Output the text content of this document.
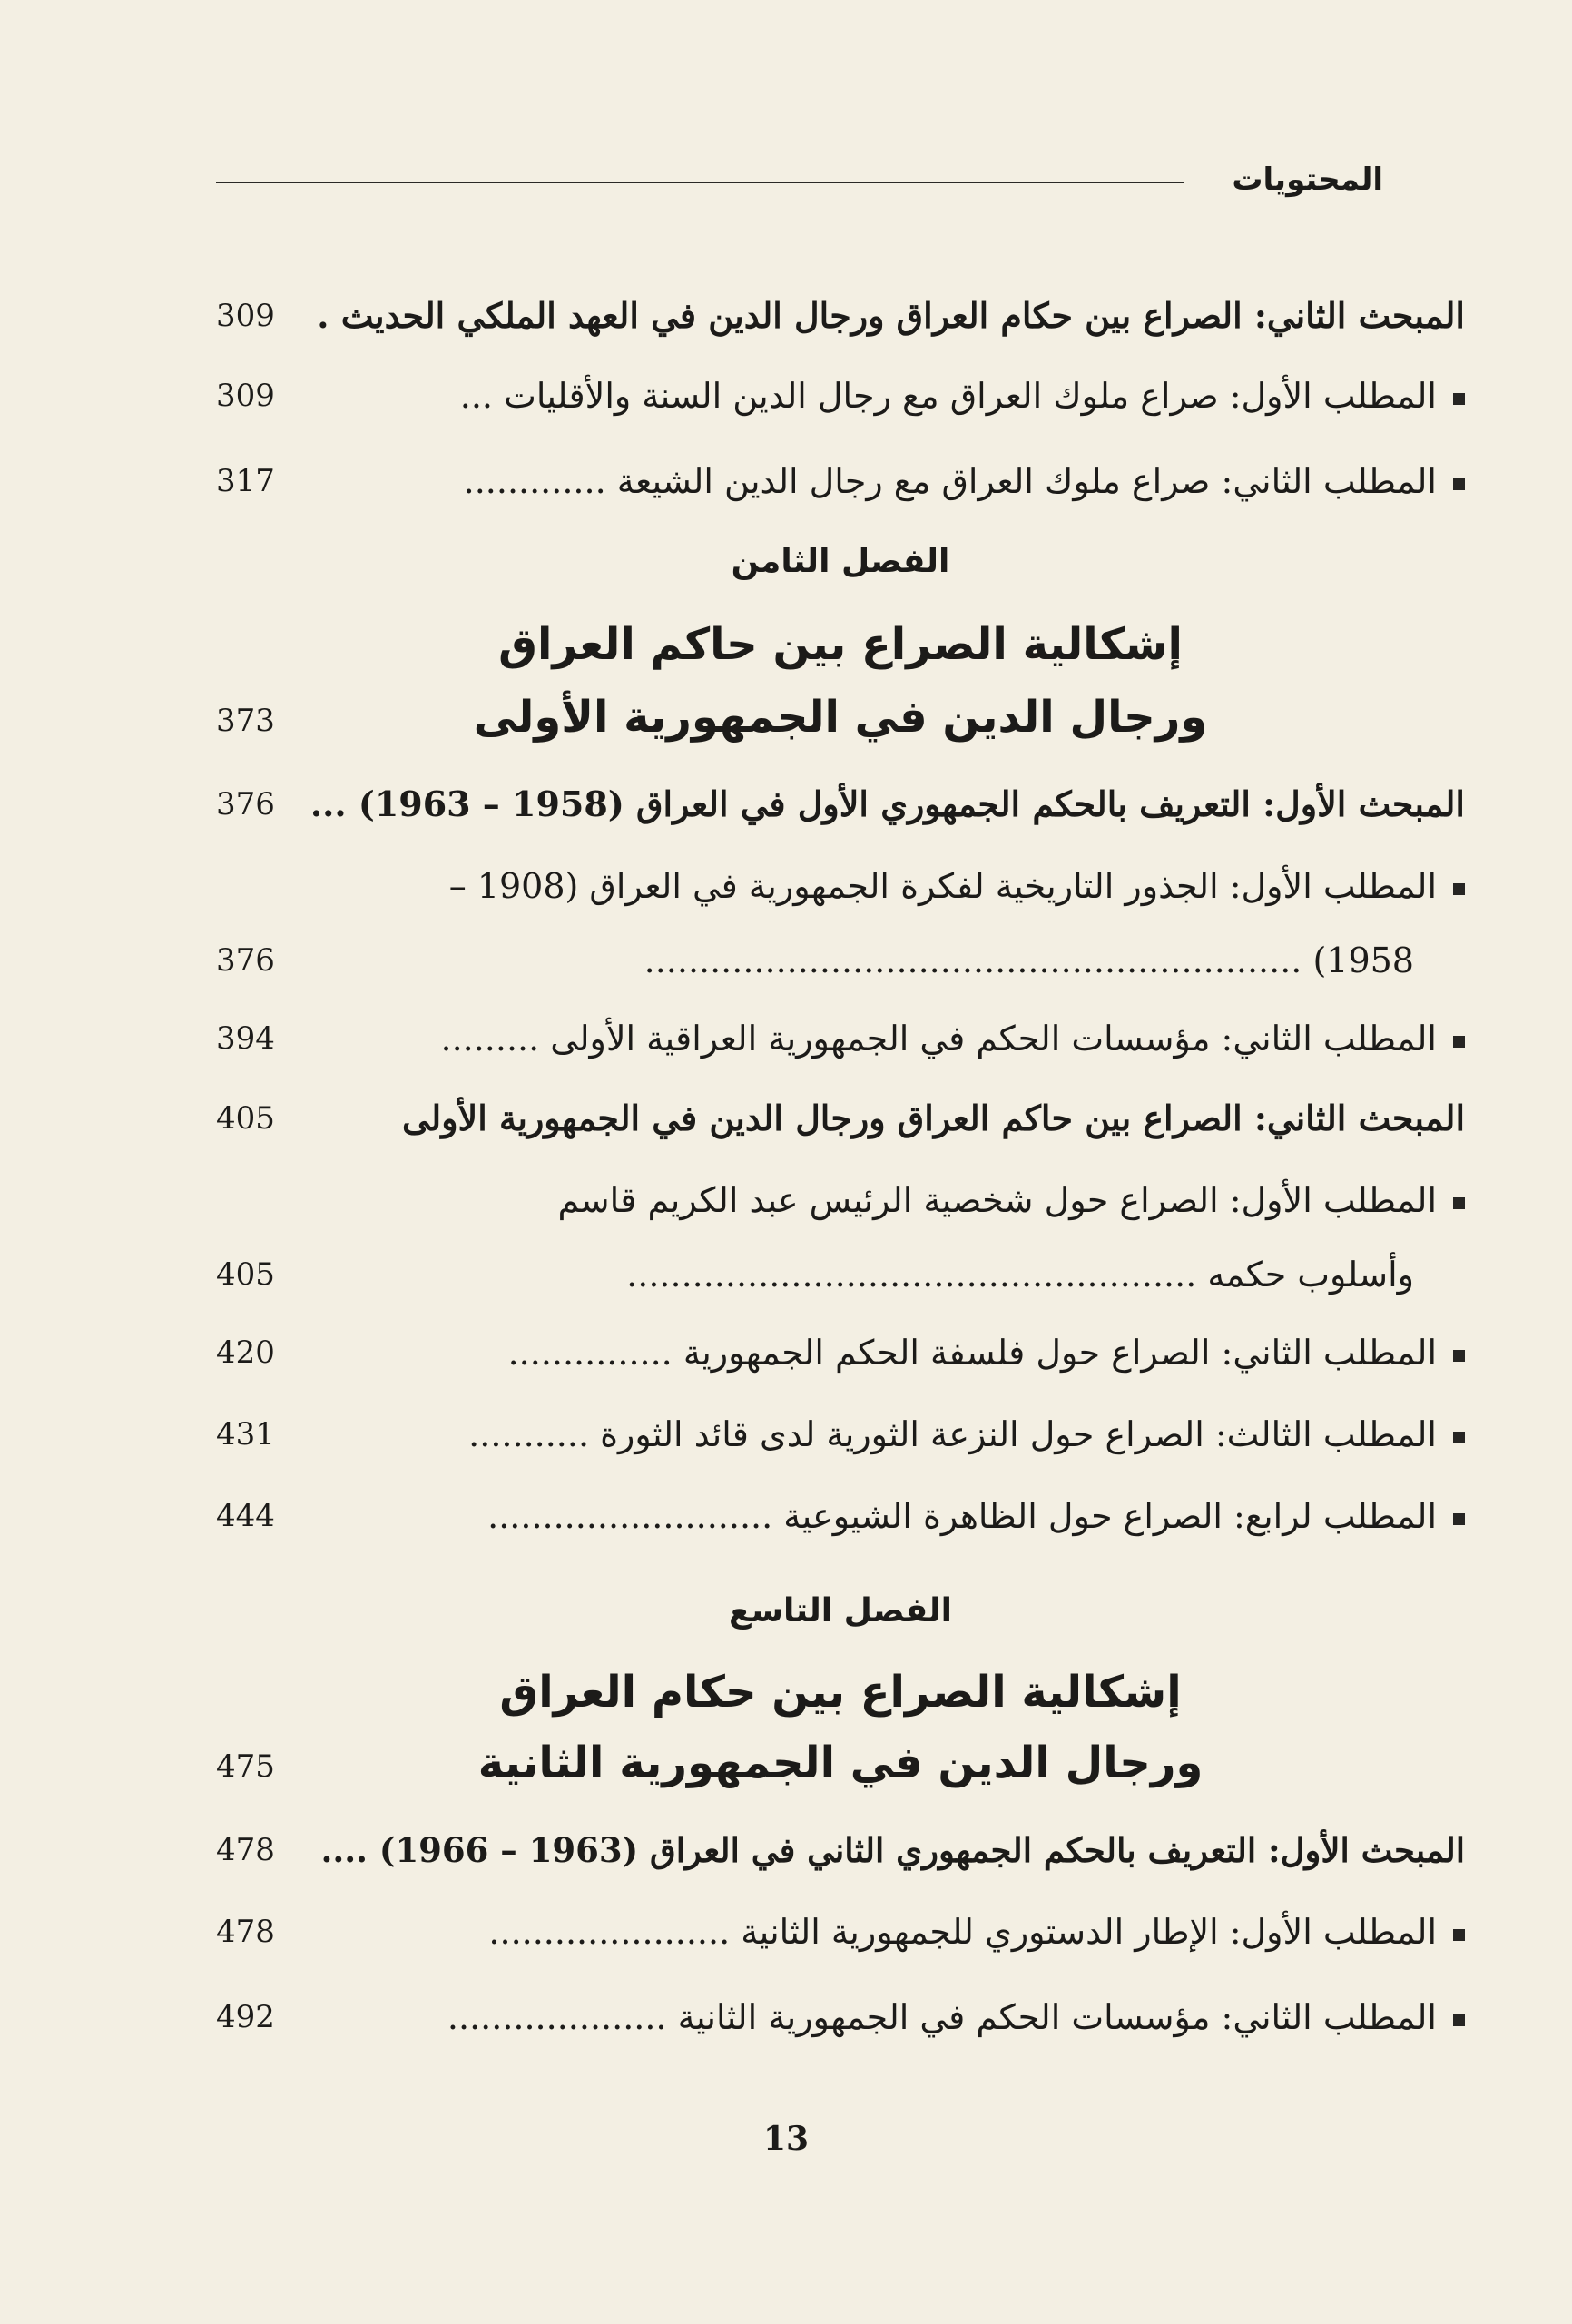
المحتويات
المبحث الثاني: الصراع بين حكام العراق ورجال الدين في العهد الملكي الحديث .
309
المطلب الأول: صراع ملوك العراق مع رجال الدين السنة والأقليات ...
309
المطلب الثاني: صراع ملوك العراق مع رجال الدين الشيعة .............
317
الفصل الثامن
إشكالية الصراع بين حاكم العراق
ورجال الدين في الجمهورية الأولى
373
المبحث الأول: التعريف بالحكم الجمهوري الأول في العراق (1958 – 1963) ...
376
المطلب الأول: الجذور التاريخية لفكرة الجمهورية في العراق (1908 –
1958) ............................................................
376
المطلب الثاني: مؤسسات الحكم في الجمهورية العراقية الأولى .........
394
المبحث الثاني: الصراع بين حاكم العراق ورجال الدين في الجمهورية الأولى
405
المطلب الأول: الصراع حول شخصية الرئيس عبد الكريم قاسم
وأسلوب حكمه ....................................................
405
المطلب الثاني: الصراع حول فلسفة الحكم الجمهورية ...............
420
المطلب الثالث: الصراع حول النزعة الثورية لدى قائد الثورة ...........
431
المطلب لرابع: الصراع حول الظاهرة الشيوعية ..........................
444
الفصل التاسع
إشكالية الصراع بين حكام العراق
ورجال الدين في الجمهورية الثانية
475
المبحث الأول: التعريف بالحكم الجمهوري الثاني في العراق (1963 – 1966) ....
478
المطلب الأول: الإطار الدستوري للجمهورية الثانية ......................
478
المطلب الثاني: مؤسسات الحكم في الجمهورية الثانية ....................
492
13
